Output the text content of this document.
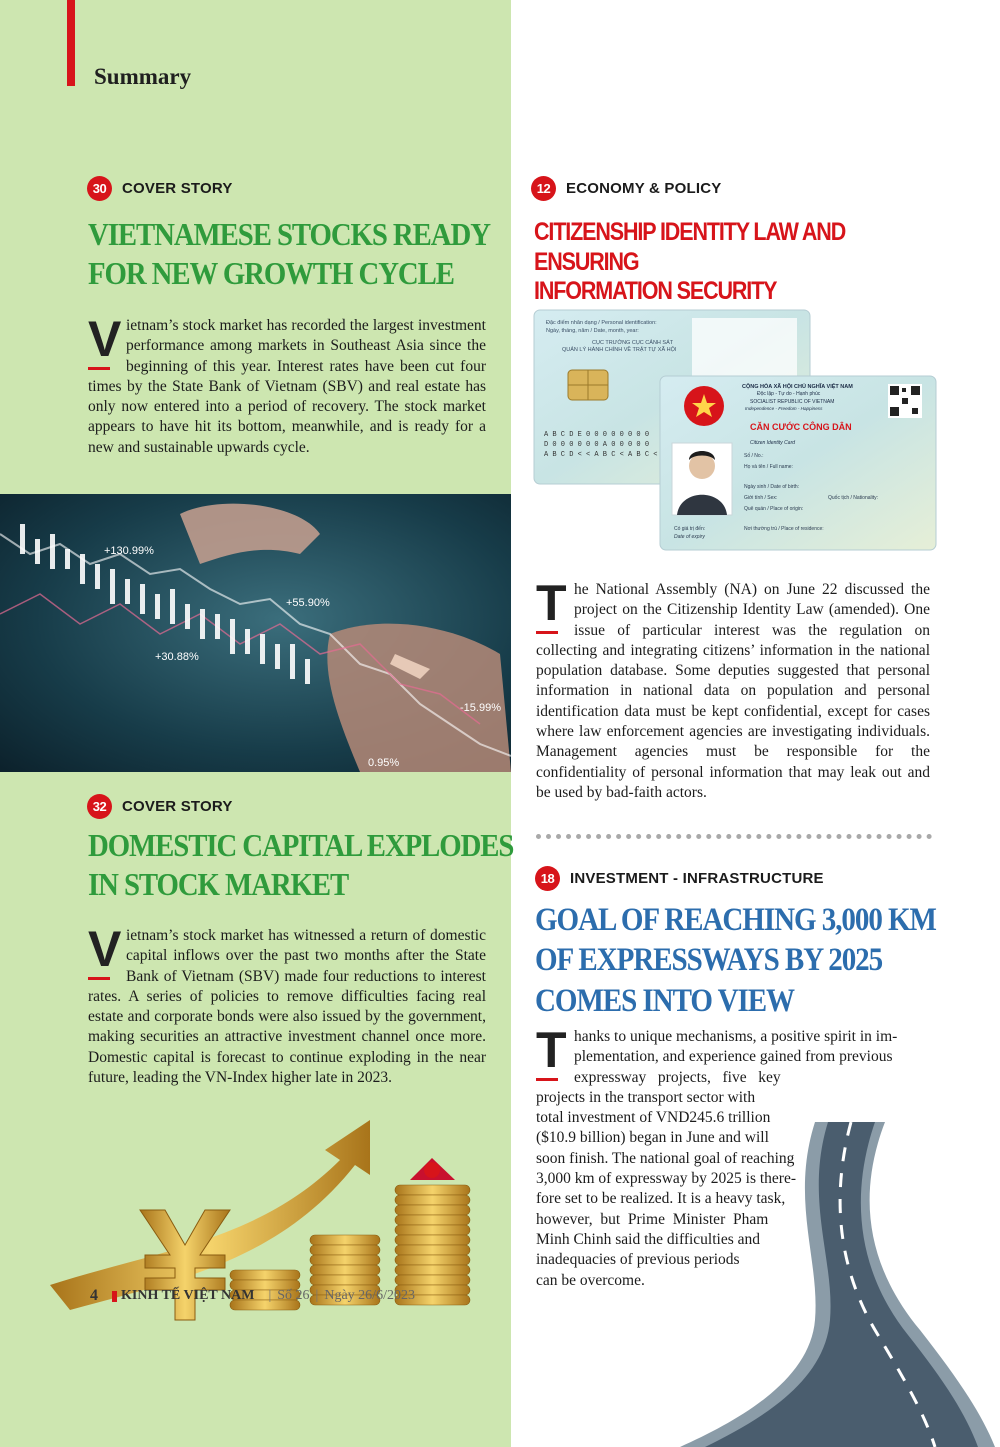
Summary
30	COVER STORY
VIETNAMESE STOCKS READY
FOR NEW GROWTH CYCLE
V ietnam’s stock market has recorded the largest investment performance among markets in Southeast Asia since the beginning of this year. Interest rates have been cut four times by the State Bank of Vietnam (SBV) and real estate has only now entered into a period of recovery. The stock market appears to have hit its bottom, meanwhile, and is ready for a new and sustainable upwards cycle.
+130.99%
+55.90%
+30.88%
-15.99%
0.95%
32	COVER STORY
DOMESTIC CAPITAL EXPLODES
IN STOCK MARKET
V ietnam’s stock market has witnessed a return of domestic capital inflows over the past two months after the State Bank of Vietnam (SBV) made four reductions to interest rates. A series of policies to remove difficulties facing real estate and corporate bonds were also issued by the government, making securities an attractive investment channel once more. Domestic capital is forecast to continue exploding in the near future, leading the VN-Index higher late in 2023.
12	ECONOMY & POLICY
CITIZENSHIP IDENTITY LAW AND ENSURING
INFORMATION SECURITY
Đặc điểm nhân dạng / Personal identification:
Ngày, tháng, năm / Date, month, year:
CỤC TRƯỞNG CỤC CẢNH SÁT
QUẢN LÝ HÀNH CHÍNH VỀ TRẬT TỰ XÃ HỘI
A B C D E 0 0 0 0 0 0 0 0
D 0 0 0 0 0 0 A 0 0 0 0 0
A B C D < < A B C < A B C <
CỘNG HÒA XÃ HỘI CHỦ NGHĨA VIỆT NAM
Độc lập - Tự do - Hạnh phúc
SOCIALIST REPUBLIC OF VIETNAM
Independence - Freedom - Happiness
CĂN CƯỚC CÔNG DÂN
Citizen Identity Card
Số / No.:
Họ và tên / Full name:
Ngày sinh / Date of birth:
Giới tính / Sex:	Quốc tịch / Nationality:
Quê quán / Place of origin:
Nơi thường trú / Place of residence:
Có giá trị đến:
Date of expiry
T he National Assembly (NA) on June 22 discussed the project on the Citizenship Identity Law (amended). One issue of particular interest was the regulation on collecting and integrating citizens’ information in the national population database. Some deputies suggested that personal information in national data on population and personal identification data must be kept confidential, except for cases where law enforcement agencies are investigating individuals. Management agencies must be responsible for the confidentiality of personal information that may leak out and be used by bad-faith actors.
18	INVESTMENT - INFRASTRUCTURE
GOAL OF REACHING 3,000 KM
OF EXPRESSWAYS BY 2025
COMES INTO VIEW
T hanks to unique mechanisms, a positive spirit in im-
plementation, and experience gained from previous
expressway   projects,   five   key
projects in the transport sector with
total investment of VND245.6 trillion
($10.9 billion) began in June and will
soon finish. The national goal of reaching
3,000 km of expressway by 2025 is there-
fore set to be realized. It is a heavy task,
however,  but  Prime  Minister  Pham
Minh Chinh said the difficulties and
inadequacies of previous periods
can be overcome.
4 KINH TẾ VIỆT NAM | Số 26 | Ngày 26/6/2023
